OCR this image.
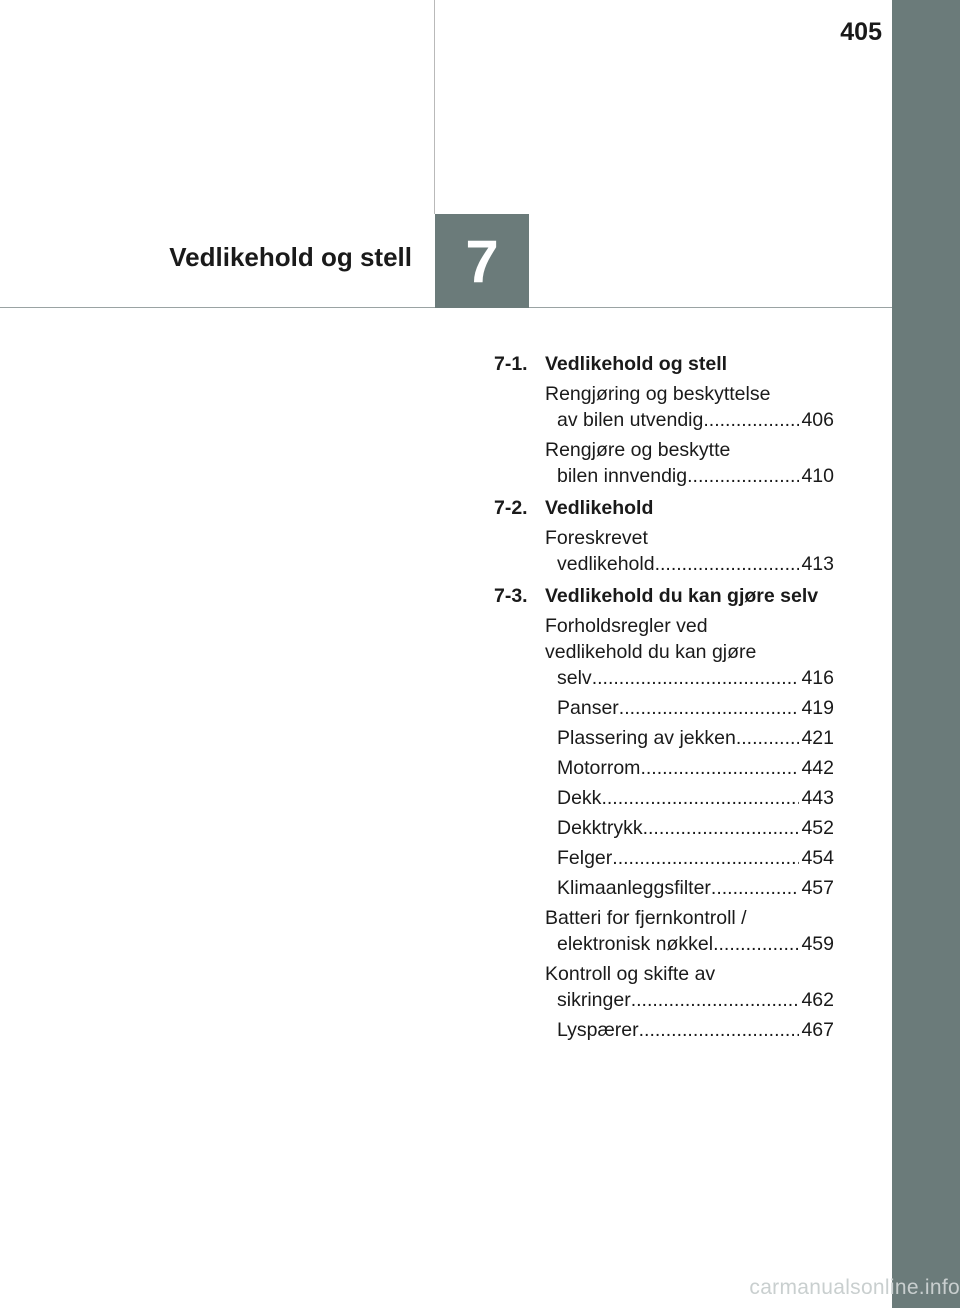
405
7
Vedlikehold og stell
7-1. Vedlikehold og stell
Rengjøring og beskyttelse
av bilen utvendig .....	406
Rengjøre og beskytte
bilen innvendig .....	410
7-2. Vedlikehold
Foreskrevet
vedlikehold .....	413
7-3. Vedlikehold du kan gjøre selv
Forholdsregler ved
vedlikehold du kan gjøre
selv .....	416
Panser .....	419
Plassering av jekken .....	421
Motorrom .....	442
Dekk .....	443
Dekktrykk .....	452
Felger .....	454
Klimaanleggsfilter .....	457
Batteri for fjernkontroll /
elektronisk nøkkel .....	459
Kontroll og skifte av
sikringer .....	462
Lyspærer .....	467
carmanualsonline.info
